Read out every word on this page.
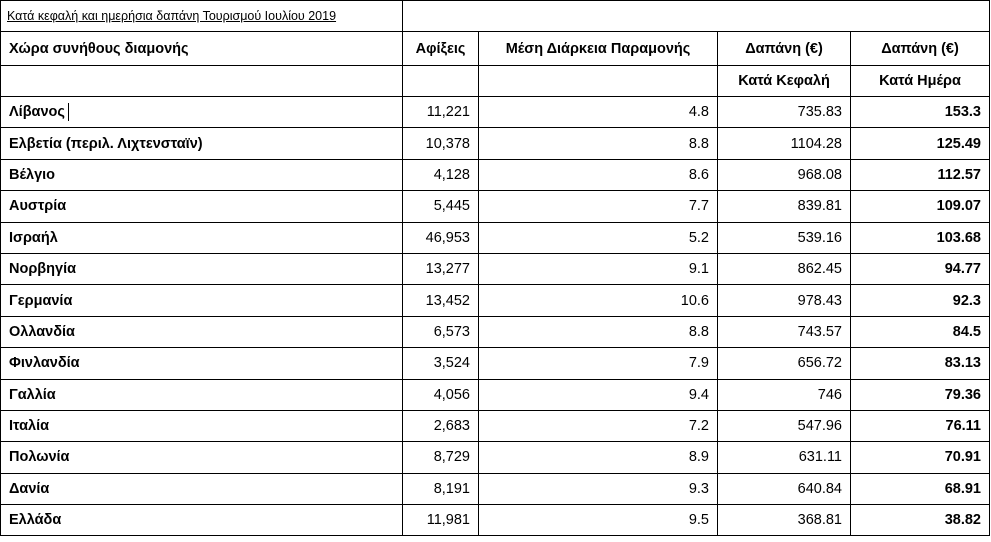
Κατά κεφαλή και ημερήσια δαπάνη Τουρισμού Ιουλίου 2019				
Χώρα συνήθους διαμονής	Αφίξεις	Μέση Διάρκεια Παραμονής	Δαπάνη (€)	Δαπάνη (€)
			Κατά Κεφαλή	Κατά Ημέρα
Λίβανος	11,221	4.8	735.83	153.3
Ελβετία (περιλ. Λιχτενσταϊν)	10,378	8.8	1104.28	125.49
Βέλγιο	4,128	8.6	968.08	112.57
Αυστρία	5,445	7.7	839.81	109.07
Ισραήλ	46,953	5.2	539.16	103.68
Νορβηγία	13,277	9.1	862.45	94.77
Γερμανία	13,452	10.6	978.43	92.3
Ολλανδία	6,573	8.8	743.57	84.5
Φινλανδία	3,524	7.9	656.72	83.13
Γαλλία	4,056	9.4	746	79.36
Ιταλία	2,683	7.2	547.96	76.11
Πολωνία	8,729	8.9	631.11	70.91
Δανία	8,191	9.3	640.84	68.91
Ελλάδα	11,981	9.5	368.81	38.82
